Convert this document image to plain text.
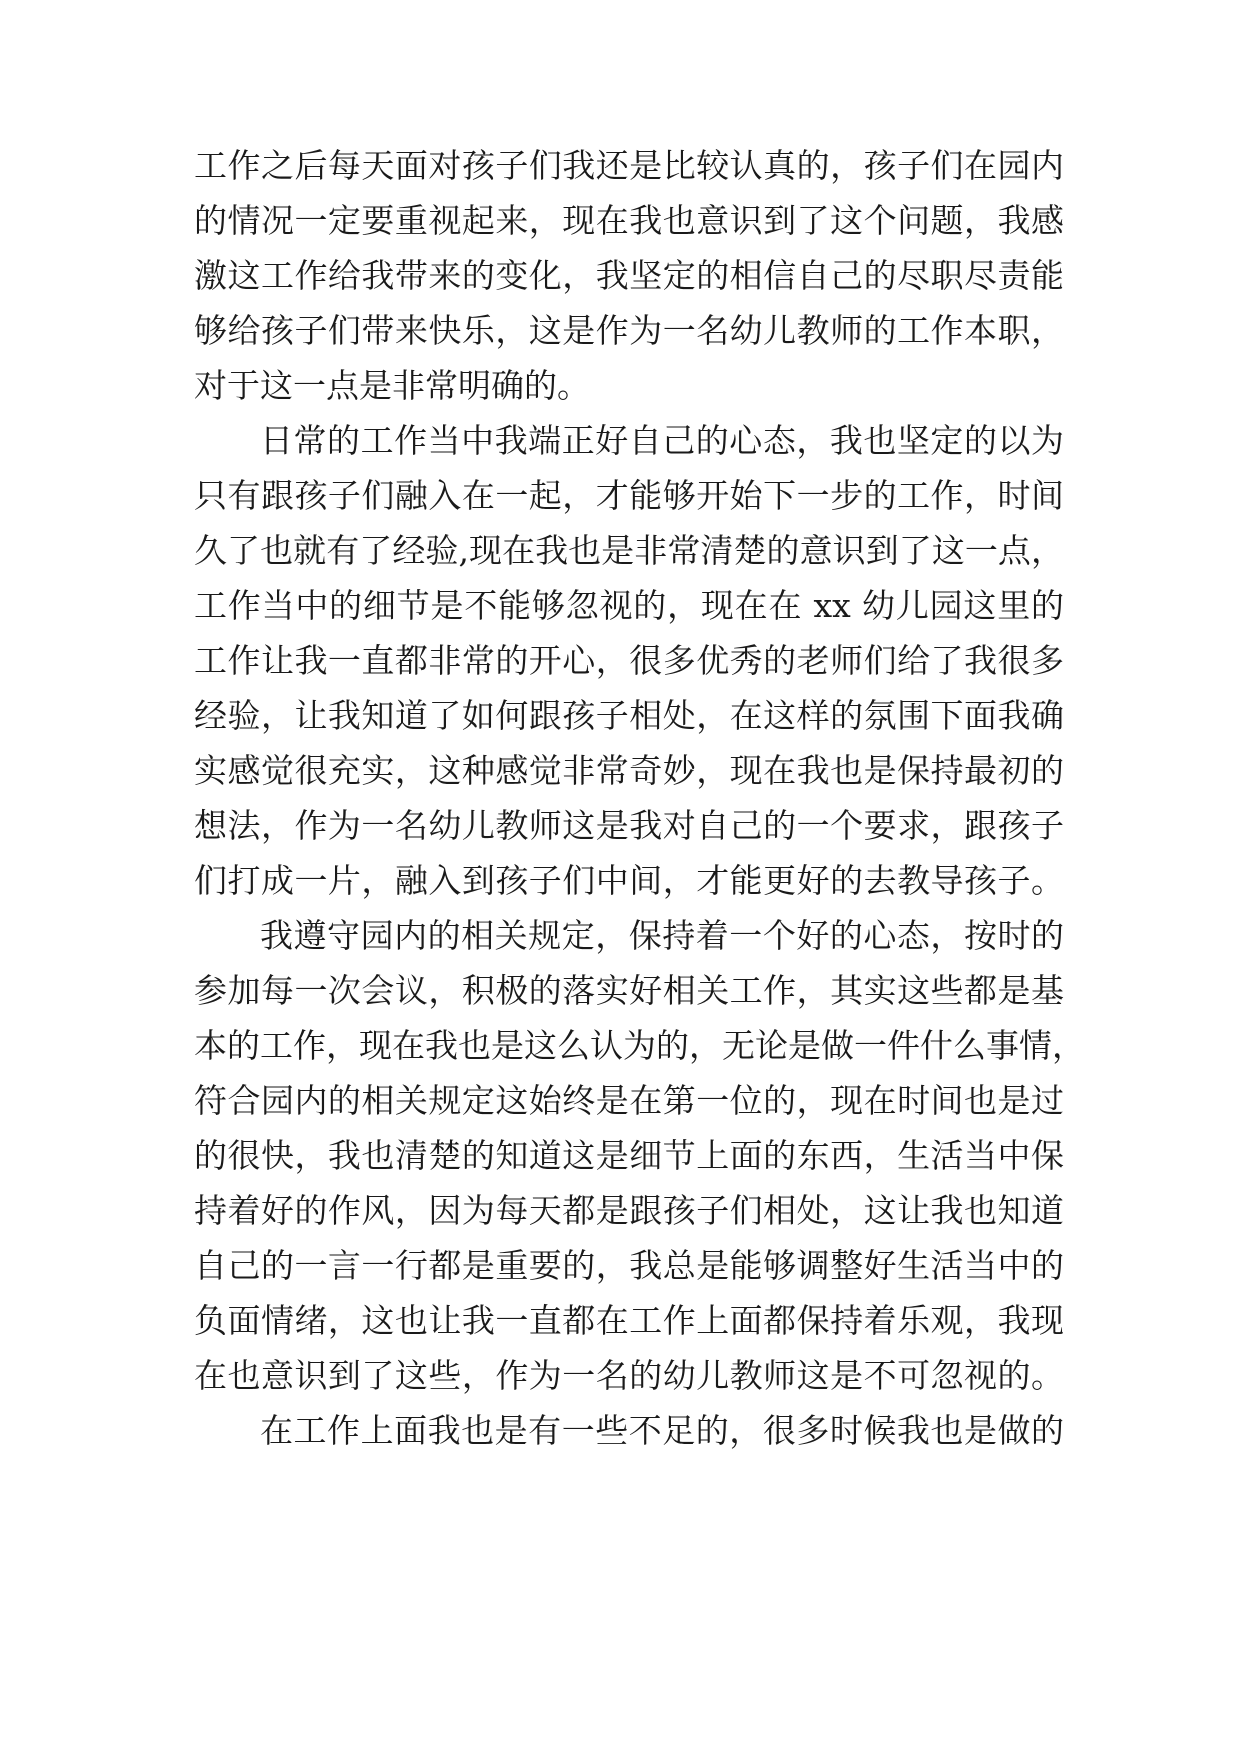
工作之后每天面对孩子们我还是比较认真的，孩子们在园内
的情况一定要重视起来，现在我也意识到了这个问题，我感
激这工作给我带来的变化，我坚定的相信自己的尽职尽责能
够给孩子们带来快乐，这是作为一名幼儿教师的工作本职，
对于这一点是非常明确的。
日常的工作当中我端正好自己的心态，我也坚定的以为
只有跟孩子们融入在一起，才能够开始下一步的工作，时间
久了也就有了经验,现在我也是非常清楚的意识到了这一点，
工作当中的细节是不能够忽视的，现在在 xx 幼儿园这里的
工作让我一直都非常的开心，很多优秀的老师们给了我很多
经验，让我知道了如何跟孩子相处，在这样的氛围下面我确
实感觉很充实，这种感觉非常奇妙，现在我也是保持最初的
想法，作为一名幼儿教师这是我对自己的一个要求，跟孩子
们打成一片，融入到孩子们中间，才能更好的去教导孩子。
我遵守园内的相关规定，保持着一个好的心态，按时的
参加每一次会议，积极的落实好相关工作，其实这些都是基
本的工作，现在我也是这么认为的，无论是做一件什么事情，
符合园内的相关规定这始终是在第一位的，现在时间也是过
的很快，我也清楚的知道这是细节上面的东西，生活当中保
持着好的作风，因为每天都是跟孩子们相处，这让我也知道
自己的一言一行都是重要的，我总是能够调整好生活当中的
负面情绪，这也让我一直都在工作上面都保持着乐观，我现
在也意识到了这些，作为一名的幼儿教师这是不可忽视的。
在工作上面我也是有一些不足的，很多时候我也是做的
